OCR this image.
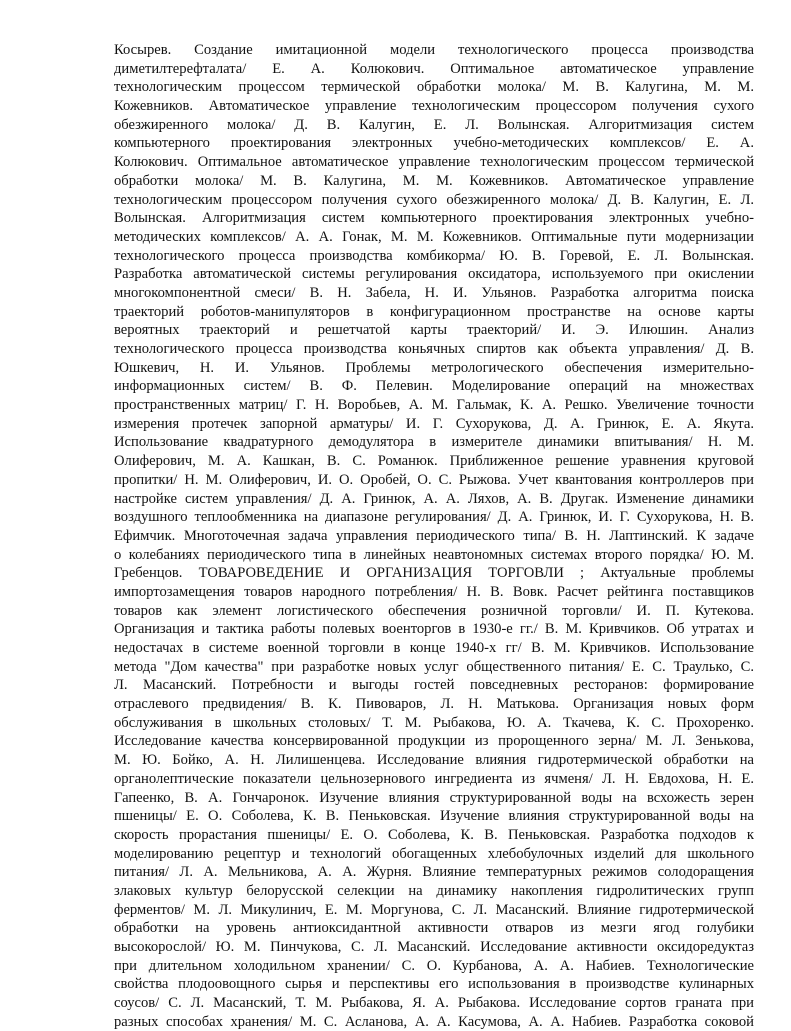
Косырев. Создание имитационной модели технологического процесса производства
диметилтерефталата/ Е. А. Колюкович. Оптимальное автоматическое управление
технологическим процессом термической обработки молока/ М. В. Калугина, М. М.
Кожевников. Автоматическое управление технологическим процессором получения сухого
обезжиренного молока/ Д. В. Калугин, Е. Л. Волынская. Алгоритмизация систем
компьютерного проектирования электронных учебно-методических комплексов/ Е. А.
Колюкович. Оптимальное автоматическое управление технологическим процессом термической
обработки молока/ М. В. Калугина, М. М. Кожевников. Автоматическое управление
технологическим процессором получения сухого обезжиренного молока/ Д. В. Калугин, Е. Л.
Волынская. Алгоритмизация систем компьютерного проектирования электронных учебно-
методических комплексов/ А. А. Гонак, М. М. Кожевников. Оптимальные пути модернизации
технологического процесса производства комбикорма/ Ю. В. Горевой, Е. Л. Волынская.
Разработка автоматической системы регулирования оксидатора, используемого при окислении
многокомпонентной смеси/ В. Н. Забела, Н. И. Ульянов. Разработка алгоритма поиска
траекторий роботов-манипуляторов в конфигурационном пространстве на основе карты
вероятных траекторий и решетчатой карты траекторий/ И. Э. Илюшин. Анализ
технологического процесса производства коньячных спиртов как объекта управления/ Д. В.
Юшкевич, Н. И. Ульянов. Проблемы метрологического обеспечения измерительно-
информационных систем/ В. Ф. Пелевин. Моделирование операций на множествах
пространственных матриц/ Г. Н. Воробьев, А. М. Гальмак, К. А. Решко. Увеличение точности
измерения протечек запорной арматуры/ И. Г. Сухорукова, Д. А. Гринюк, Е. А. Якута.
Использование квадратурного демодулятора в измерителе динамики впитывания/ Н. М.
Олиферович, М. А. Кашкан, В. С. Романюк. Приближенное решение уравнения круговой
пропитки/ Н. М. Олиферович, И. О. Оробей, О. С. Рыжова. Учет квантования контроллеров при
настройке систем управления/ Д. А. Гринюк, А. А. Ляхов, А. В. Другак. Изменение динамики
воздушного теплообменника на диапазоне регулирования/ Д. А. Гринюк, И. Г. Сухорукова, Н. В.
Ефимчик. Многоточечная задача управления периодического типа/ В. Н. Лаптинский. К задаче
о колебаниях периодического типа в линейных неавтономных системах второго порядка/ Ю. М.
Гребенцов. ТОВАРОВЕДЕНИЕ И ОРГАНИЗАЦИЯ ТОРГОВЛИ ; Актуальные проблемы
импортозамещения товаров народного потребления/ Н. В. Вовк. Расчет рейтинга поставщиков
товаров как элемент логистического обеспечения розничной торговли/ И. П. Кутекова.
Организация и тактика работы полевых военторгов в 1930-е гг./ В. М. Кривчиков. Об утратах и
недостачах в системе военной торговли в конце 1940-х гг/ В. М. Кривчиков. Использование
метода "Дом качества" при разработке новых услуг общественного питания/ Е. С. Траулько, С.
Л. Масанский. Потребности и выгоды гостей повседневных ресторанов: формирование
отраслевого предвидения/ В. К. Пивоваров, Л. Н. Матькова. Организация новых форм
обслуживания в школьных столовых/ Т. М. Рыбакова, Ю. А. Ткачева, К. С. Прохоренко.
Исследование качества консервированной продукции из пророщенного зерна/ М. Л. Зенькова,
М. Ю. Бойко, А. Н. Лилишенцева. Исследование влияния гидротермической обработки на
органолептические показатели цельнозернового ингредиента из ячменя/ Л. Н. Евдохова, Н. Е.
Гапеенко, В. А. Гончаронок. Изучение влияния структурированной воды на всхожесть зерен
пшеницы/ Е. О. Соболева, К. В. Пеньковская. Изучение влияния структурированной воды на
скорость прорастания пшеницы/ Е. О. Соболева, К. В. Пеньковская. Разработка подходов к
моделированию рецептур и технологий обогащенных хлебобулочных изделий для школьного
питания/ Л. А. Мельникова, А. А. Журня. Влияние температурных режимов солодоращения
злаковых культур белорусской селекции на динамику накопления гидролитических групп
ферментов/ М. Л. Микулинич, Е. М. Моргунова, С. Л. Масанский. Влияние гидротермической
обработки на уровень антиоксидантной активности отваров из мезги ягод голубики
высокорослой/ Ю. М. Пинчукова, С. Л. Масанский. Исследование активности оксидоредуктаз
при длительном холодильном хранении/ С. О. Курбанова, А. А. Набиев. Технологические
свойства плодоовощного сырья и перспективы его использования в производстве кулинарных
соусов/ С. Л. Масанский, Т. М. Рыбакова, Я. А. Рыбакова. Исследование сортов граната при
разных способах хранения/ М. С. Асланова, А. А. Касумова, А. А. Набиев. Разработка соковой
